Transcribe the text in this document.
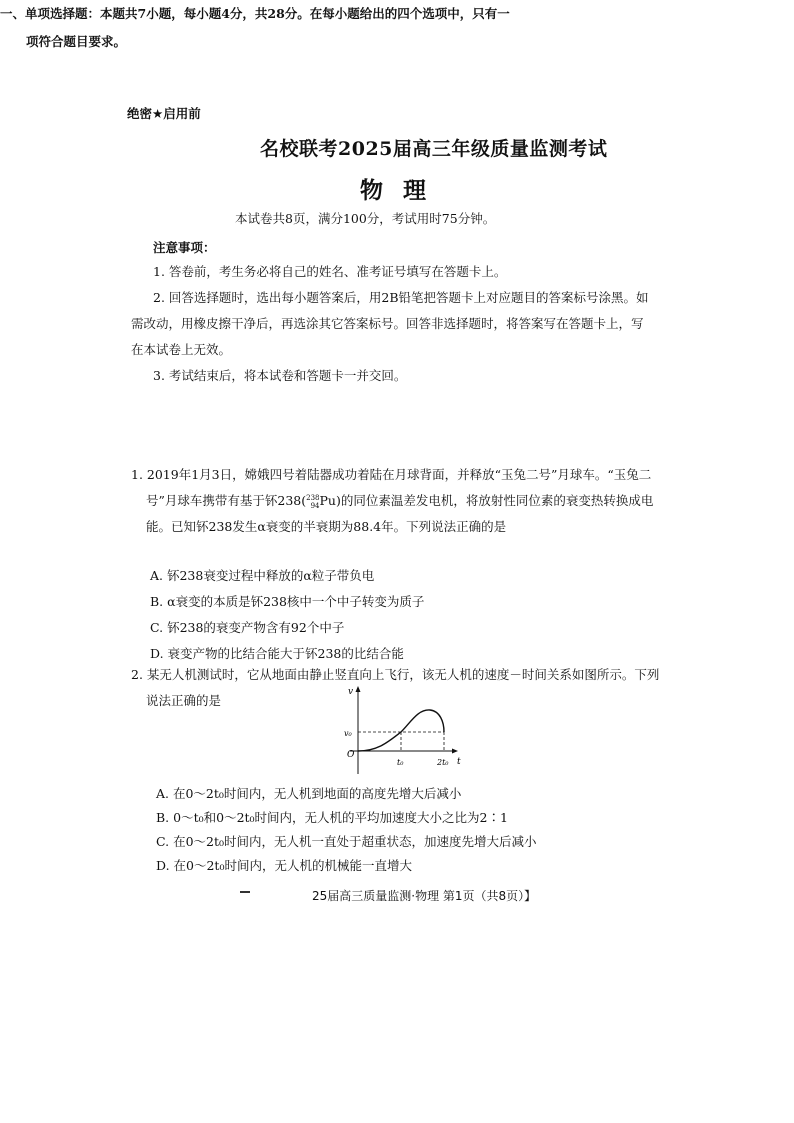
绝密★启用前
名校联考2025届高三年级质量监测考试
物 理
本试卷共8页，满分100分，考试用时75分钟。
注意事项：
1. 答卷前，考生务必将自己的姓名、准考证号填写在答题卡上。
2. 回答选择题时，选出每小题答案后，用2B铅笔把答题卡上对应题目的答案标号涂黑。如
需改动，用橡皮擦干净后，再选涂其它答案标号。回答非选择题时，将答案写在答题卡上，写
在本试卷上无效。
3. 考试结束后，将本试卷和答题卡一并交回。
一、单项选择题：本题共7小题，每小题4分，共28分。在每小题给出的四个选项中，只有一
项符合题目要求。
1. 2019年1月3日，嫦娥四号着陆器成功着陆在月球背面，并释放“玉兔二号”月球车。“玉兔二
号”月球车携带有基于钚238( 238
94 Pu)的同位素温差发电机，将放射性同位素的衰变热转换成电
能。已知钚238发生α衰变的半衰期为88.4年。下列说法正确的是
A. 钚238衰变过程中释放的α粒子带负电
B. α衰变的本质是钚238核中一个中子转变为质子
C. 钚238的衰变产物含有92个中子
D. 衰变产物的比结合能大于钚238的比结合能
2. 某无人机测试时，它从地面由静止竖直向上飞行，该无人机的速度－时间关系如图所示。下列
说法正确的是
v
t
O
v₀
t₀	2t₀
A. 在0～2t₀时间内，无人机到地面的高度先增大后减小
B. 0～t₀和0～2t₀时间内，无人机的平均加速度大小之比为2∶1
C. 在0～2t₀时间内，无人机一直处于超重状态，加速度先增大后减小
D. 在0～2t₀时间内，无人机的机械能一直增大
25届高三质量监测·物理 第1页（共8页）】
